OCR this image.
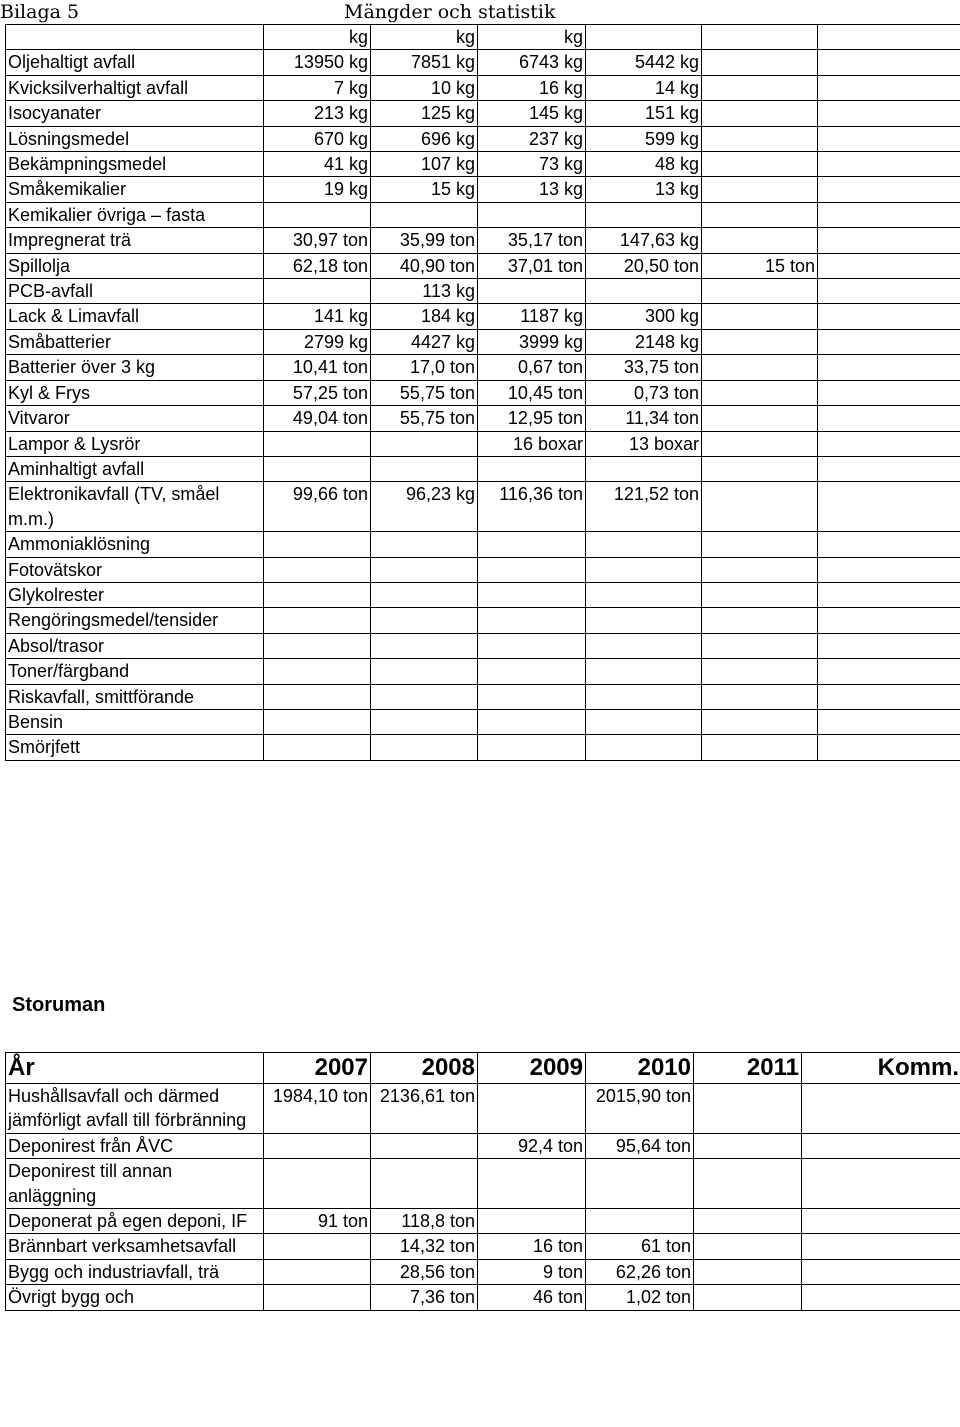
Bilaga 5	Mängder och statistik
	kg	kg	kg			
Oljehaltigt avfall	13950 kg	7851 kg	6743 kg	5442 kg		
Kvicksilverhaltigt avfall	7 kg	10 kg	16 kg	14 kg		
Isocyanater	213 kg	125 kg	145 kg	151 kg		
Lösningsmedel	670 kg	696 kg	237 kg	599 kg		
Bekämpningsmedel	41 kg	107 kg	73 kg	48 kg		
Småkemikalier	19 kg	15 kg	13 kg	13 kg		
Kemikalier övriga – fasta						
Impregnerat trä	30,97 ton	35,99 ton	35,17 ton	147,63 kg		
Spillolja	62,18 ton	40,90 ton	37,01 ton	20,50 ton	15 ton	
PCB-avfall		113 kg				
Lack & Limavfall	141 kg	184 kg	1187 kg	300 kg		
Småbatterier	2799 kg	4427 kg	3999 kg	2148 kg		
Batterier över 3 kg	10,41 ton	17,0 ton	0,67 ton	33,75 ton		
Kyl & Frys	57,25 ton	55,75 ton	10,45 ton	0,73 ton		
Vitvaror	49,04 ton	55,75 ton	12,95 ton	11,34 ton		
Lampor & Lysrör			16 boxar	13 boxar		
Aminhaltigt avfall						
Elektronikavfall (TV, småel m.m.)	99,66 ton	96,23 kg	116,36 ton	121,52 ton		
Ammoniaklösning						
Fotovätskor						
Glykolrester						
Rengöringsmedel/tensider						
Absol/trasor						
Toner/färgband						
Riskavfall, smittförande						
Bensin						
Smörjfett						
Storuman
År	2007	2008	2009	2010	2011	Komm.
Hushållsavfall och därmed jämförligt avfall till förbränning	1984,10 ton	2136,61 ton		2015,90 ton		
Deponirest från ÅVC			92,4 ton	95,64 ton		
Deponirest till annan anläggning						
Deponerat på egen deponi, IF	91 ton	118,8 ton				
Brännbart verksamhetsavfall		14,32 ton	16 ton	61 ton		
Bygg och industriavfall, trä		28,56 ton	9 ton	62,26 ton		
Övrigt bygg och		7,36 ton	46 ton	1,02 ton		
